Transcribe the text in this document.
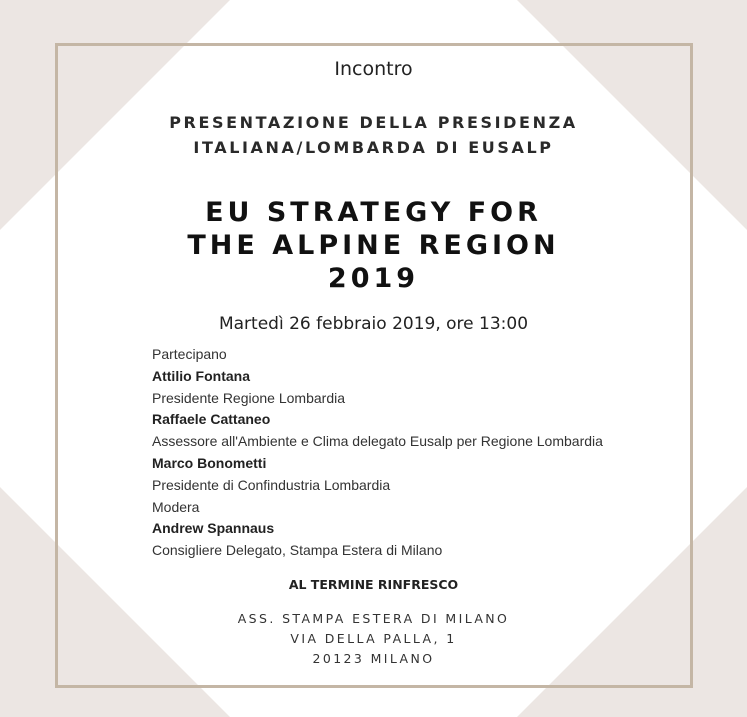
Incontro
PRESENTAZIONE DELLA PRESIDENZA
ITALIANA/LOMBARDA DI EUSALP
EU STRATEGY FOR
THE ALPINE REGION
2019
Martedì 26 febbraio 2019, ore 13:00
Partecipano
Attilio Fontana
Presidente Regione Lombardia
Raffaele Cattaneo
Assessore all'Ambiente e Clima delegato Eusalp per Regione Lombardia
Marco Bonometti
Presidente di Confindustria Lombardia
Modera
Andrew Spannaus
Consigliere Delegato, Stampa Estera di Milano
AL TERMINE RINFRESCO
ASS. STAMPA ESTERA DI MILANO
VIA DELLA PALLA, 1
20123 MILANO
